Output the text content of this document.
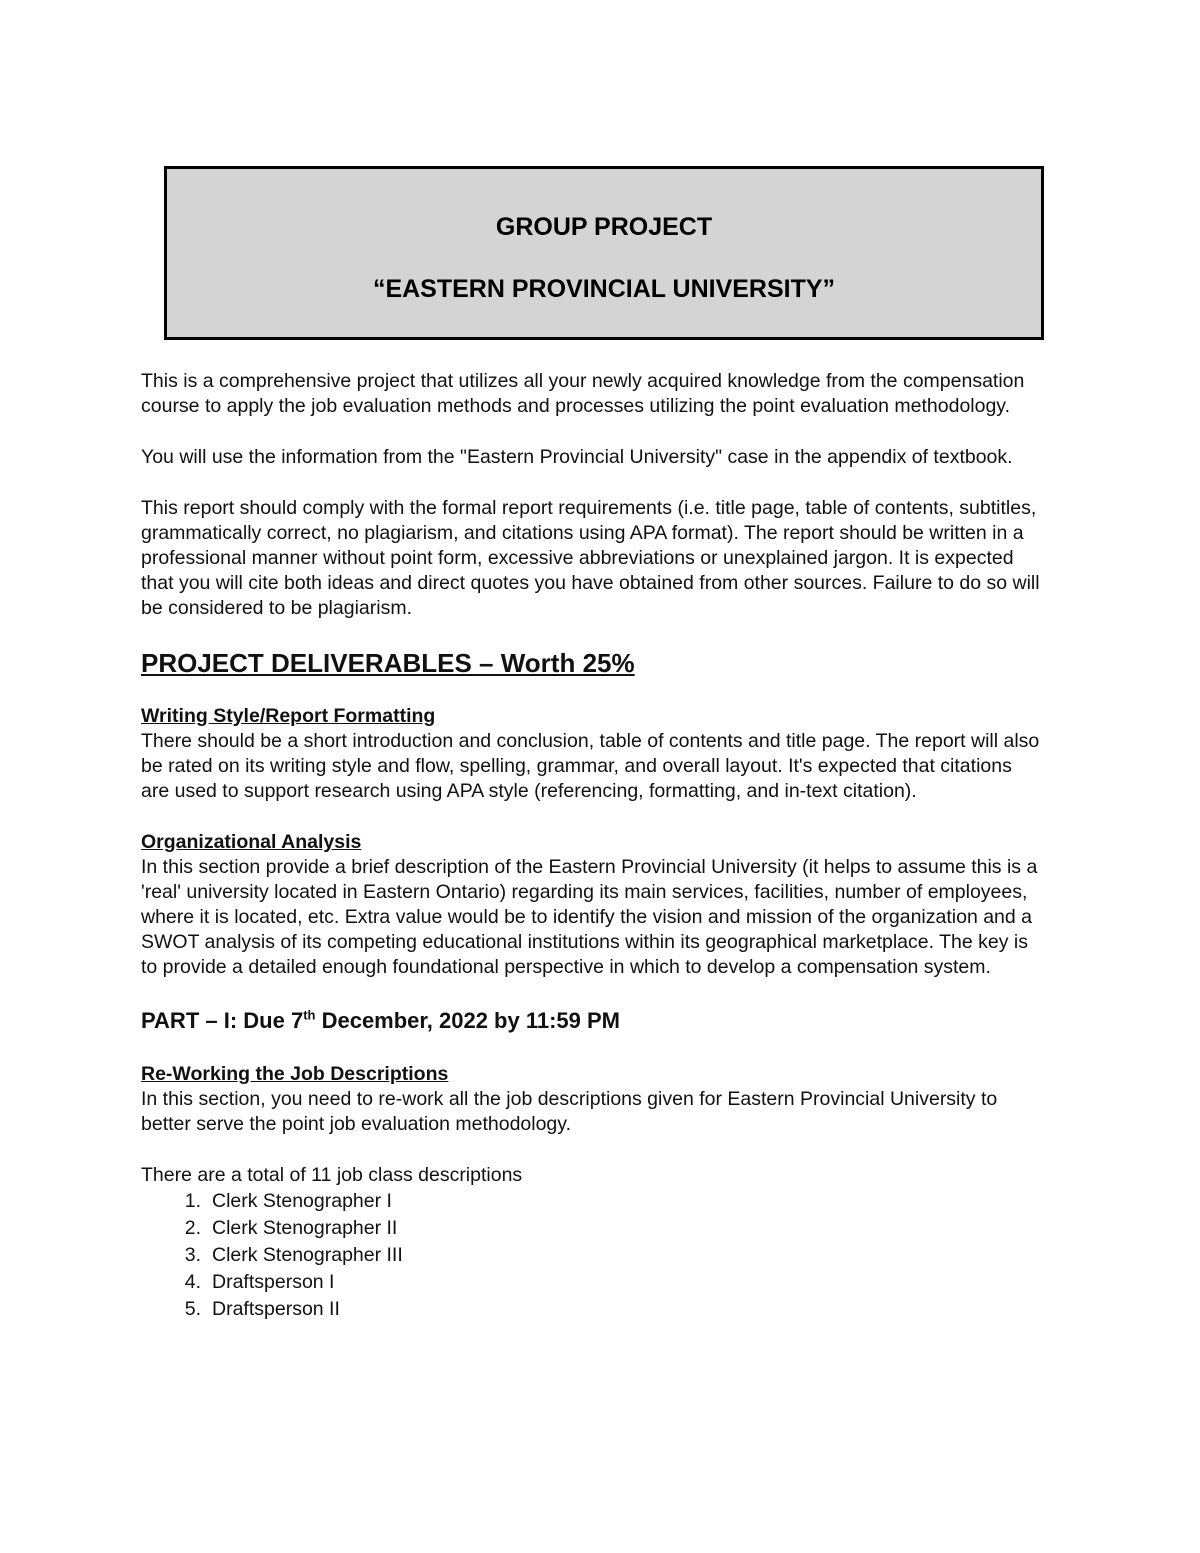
GROUP PROJECT
“EASTERN PROVINCIAL UNIVERSITY”

This is a comprehensive project that utilizes all your newly acquired knowledge from the compensation course to apply the job evaluation methods and processes utilizing the point evaluation methodology.

You will use the information from the "Eastern Provincial University" case in the appendix of textbook.

This report should comply with the formal report requirements (i.e. title page, table of contents, subtitles, grammatically correct, no plagiarism, and citations using APA format). The report should be written in a professional manner without point form, excessive abbreviations or unexplained jargon. It is expected that you will cite both ideas and direct quotes you have obtained from other sources. Failure to do so will be considered to be plagiarism.

PROJECT DELIVERABLES – Worth 25%
Writing Style/Report Formatting
There should be a short introduction and conclusion, table of contents and title page. The report will also be rated on its writing style and flow, spelling, grammar, and overall layout. It's expected that citations are used to support research using APA style (referencing, formatting, and in-text citation).
Organizational Analysis
In this section provide a brief description of the Eastern Provincial University (it helps to assume this is a 'real' university located in Eastern Ontario) regarding its main services, facilities, number of employees, where it is located, etc. Extra value would be to identify the vision and mission of the organization and a SWOT analysis of its competing educational institutions within its geographical marketplace. The key is to provide a detailed enough foundational perspective in which to develop a compensation system.
PART – I: Due 7th December, 2022 by 11:59 PM
Re-Working the Job Descriptions
In this section, you need to re-work all the job descriptions given for Eastern Provincial University to better serve the point job evaluation methodology.
There are a total of 11 job class descriptions
1. Clerk Stenographer I
2. Clerk Stenographer II
3. Clerk Stenographer III
4. Draftsperson I
5. Draftsperson II
